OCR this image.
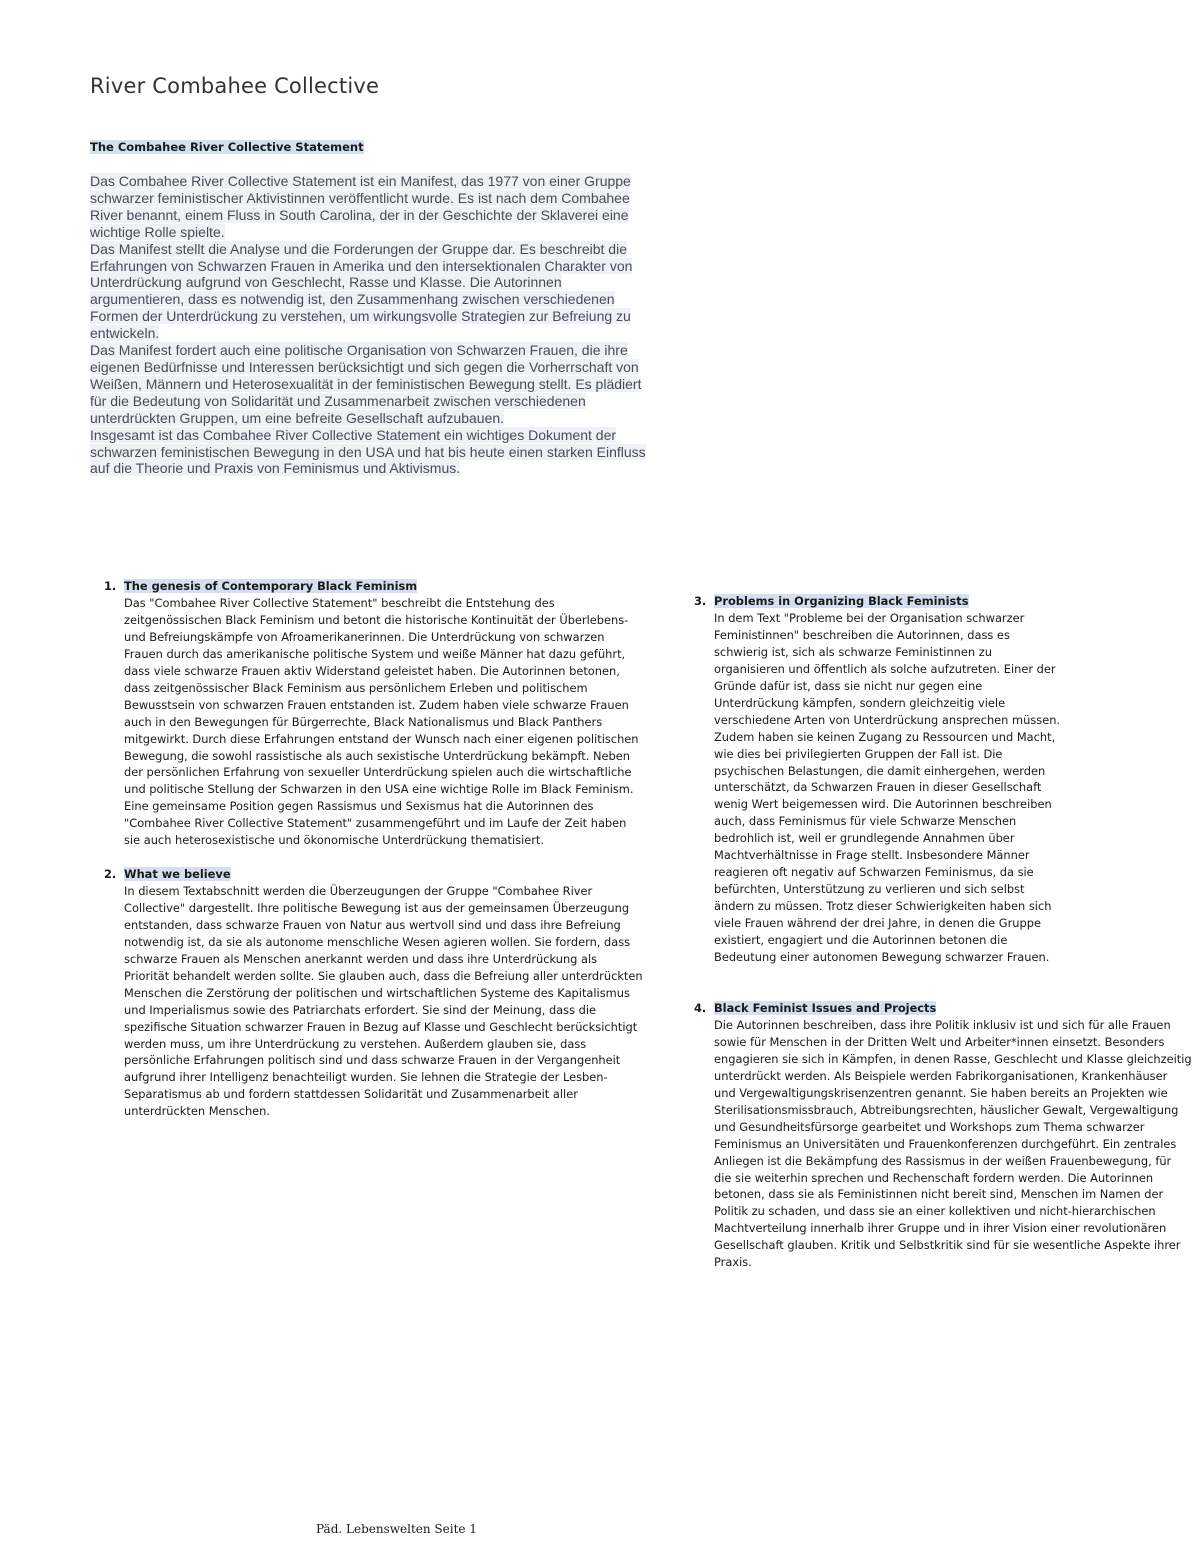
River Combahee Collective
The Combahee River Collective Statement

Das Combahee River Collective Statement ist ein Manifest, das 1977 von einer Gruppe schwarzer feministischer Aktivistinnen veröffentlicht wurde. Es ist nach dem Combahee River benannt, einem Fluss in South Carolina, der in der Geschichte der Sklaverei eine wichtige Rolle spielte.

Das Manifest stellt die Analyse und die Forderungen der Gruppe dar. Es beschreibt die Erfahrungen von Schwarzen Frauen in Amerika und den intersektionalen Charakter von Unterdrückung aufgrund von Geschlecht, Rasse und Klasse. Die Autorinnen argumentieren, dass es notwendig ist, den Zusammenhang zwischen verschiedenen Formen der Unterdrückung zu verstehen, um wirkungsvolle Strategien zur Befreiung zu entwickeln.

Das Manifest fordert auch eine politische Organisation von Schwarzen Frauen, die ihre eigenen Bedürfnisse und Interessen berücksichtigt und sich gegen die Vorherrschaft von Weißen, Männern und Heterosexualität in der feministischen Bewegung stellt. Es plädiert für die Bedeutung von Solidarität und Zusammenarbeit zwischen verschiedenen unterdrückten Gruppen, um eine befreite Gesellschaft aufzubauen.

Insgesamt ist das Combahee River Collective Statement ein wichtiges Dokument der schwarzen feministischen Bewegung in den USA und hat bis heute einen starken Einfluss auf die Theorie und Praxis von Feminismus und Aktivismus.

1. The genesis of Contemporary Black Feminism

Das "Combahee River Collective Statement" beschreibt die Entstehung des zeitgenössischen Black Feminism und betont die historische Kontinuität der Überlebens- und Befreiungskämpfe von Afroamerikanerinnen. Die Unterdrückung von schwarzen Frauen durch das amerikanische politische System und weiße Männer hat dazu geführt, dass viele schwarze Frauen aktiv Widerstand geleistet haben. Die Autorinnen betonen, dass zeitgenössischer Black Feminism aus persönlichem Erleben und politischem Bewusstsein von schwarzen Frauen entstanden ist. Zudem haben viele schwarze Frauen auch in den Bewegungen für Bürgerrechte, Black Nationalismus und Black Panthers mitgewirkt. Durch diese Erfahrungen entstand der Wunsch nach einer eigenen politischen Bewegung, die sowohl rassistische als auch sexistische Unterdrückung bekämpft. Neben der persönlichen Erfahrung von sexueller Unterdrückung spielen auch die wirtschaftliche und politische Stellung der Schwarzen in den USA eine wichtige Rolle im Black Feminism. Eine gemeinsame Position gegen Rassismus und Sexismus hat die Autorinnen des "Combahee River Collective Statement" zusammengeführt und im Laufe der Zeit haben sie auch heterosexistische und ökonomische Unterdrückung thematisiert.

2. What we believe

In diesem Textabschnitt werden die Überzeugungen der Gruppe "Combahee River Collective" dargestellt. Ihre politische Bewegung ist aus der gemeinsamen Überzeugung entstanden, dass schwarze Frauen von Natur aus wertvoll sind und dass ihre Befreiung notwendig ist, da sie als autonome menschliche Wesen agieren wollen. Sie fordern, dass schwarze Frauen als Menschen anerkannt werden und dass ihre Unterdrückung als Priorität behandelt werden sollte. Sie glauben auch, dass die Befreiung aller unterdrückten Menschen die Zerstörung der politischen und wirtschaftlichen Systeme des Kapitalismus und Imperialismus sowie des Patriarchats erfordert. Sie sind der Meinung, dass die spezifische Situation schwarzer Frauen in Bezug auf Klasse und Geschlecht berücksichtigt werden muss, um ihre Unterdrückung zu verstehen. Außerdem glauben sie, dass persönliche Erfahrungen politisch sind und dass schwarze Frauen in der Vergangenheit aufgrund ihrer Intelligenz benachteiligt wurden. Sie lehnen die Strategie der Lesben-Separatismus ab und fordern stattdessen Solidarität und Zusammenarbeit aller unterdrückten Menschen.

3. Problems in Organizing Black Feminists

In dem Text "Probleme bei der Organisation schwarzer Feministinnen" beschreiben die Autorinnen, dass es schwierig ist, sich als schwarze Feministinnen zu organisieren und öffentlich als solche aufzutreten. Einer der Gründe dafür ist, dass sie nicht nur gegen eine Unterdrückung kämpfen, sondern gleichzeitig viele verschiedene Arten von Unterdrückung ansprechen müssen. Zudem haben sie keinen Zugang zu Ressourcen und Macht, wie dies bei privilegierten Gruppen der Fall ist. Die psychischen Belastungen, die damit einhergehen, werden unterschätzt, da Schwarzen Frauen in dieser Gesellschaft wenig Wert beigemessen wird. Die Autorinnen beschreiben auch, dass Feminismus für viele Schwarze Menschen bedrohlich ist, weil er grundlegende Annahmen über Machtverhältnisse in Frage stellt. Insbesondere Männer reagieren oft negativ auf Schwarzen Feminismus, da sie befürchten, Unterstützung zu verlieren und sich selbst ändern zu müssen. Trotz dieser Schwierigkeiten haben sich viele Frauen während der drei Jahre, in denen die Gruppe existiert, engagiert und die Autorinnen betonen die Bedeutung einer autonomen Bewegung schwarzer Frauen.

4. Black Feminist Issues and Projects

Die Autorinnen beschreiben, dass ihre Politik inklusiv ist und sich für alle Frauen sowie für Menschen in der Dritten Welt und Arbeiter*innen einsetzt. Besonders engagieren sie sich in Kämpfen, in denen Rasse, Geschlecht und Klasse gleichzeitig unterdrückt werden. Als Beispiele werden Fabrikorganisationen, Krankenhäuser und Vergewaltigungskrisenzentren genannt. Sie haben bereits an Projekten wie Sterilisationsmissbrauch, Abtreibungsrechten, häuslicher Gewalt, Vergewaltigung und Gesundheitsfürsorge gearbeitet und Workshops zum Thema schwarzer Feminismus an Universitäten und Frauenkonferenzen durchgeführt. Ein zentrales Anliegen ist die Bekämpfung des Rassismus in der weißen Frauenbewegung, für die sie weiterhin sprechen und Rechenschaft fordern werden. Die Autorinnen betonen, dass sie als Feministinnen nicht bereit sind, Menschen im Namen der Politik zu schaden, und dass sie an einer kollektiven und nicht-hierarchischen Machtverteilung innerhalb ihrer Gruppe und in ihrer Vision einer revolutionären Gesellschaft glauben. Kritik und Selbstkritik sind für sie wesentliche Aspekte ihrer Praxis.

Päd. Lebenswelten Seite 1
